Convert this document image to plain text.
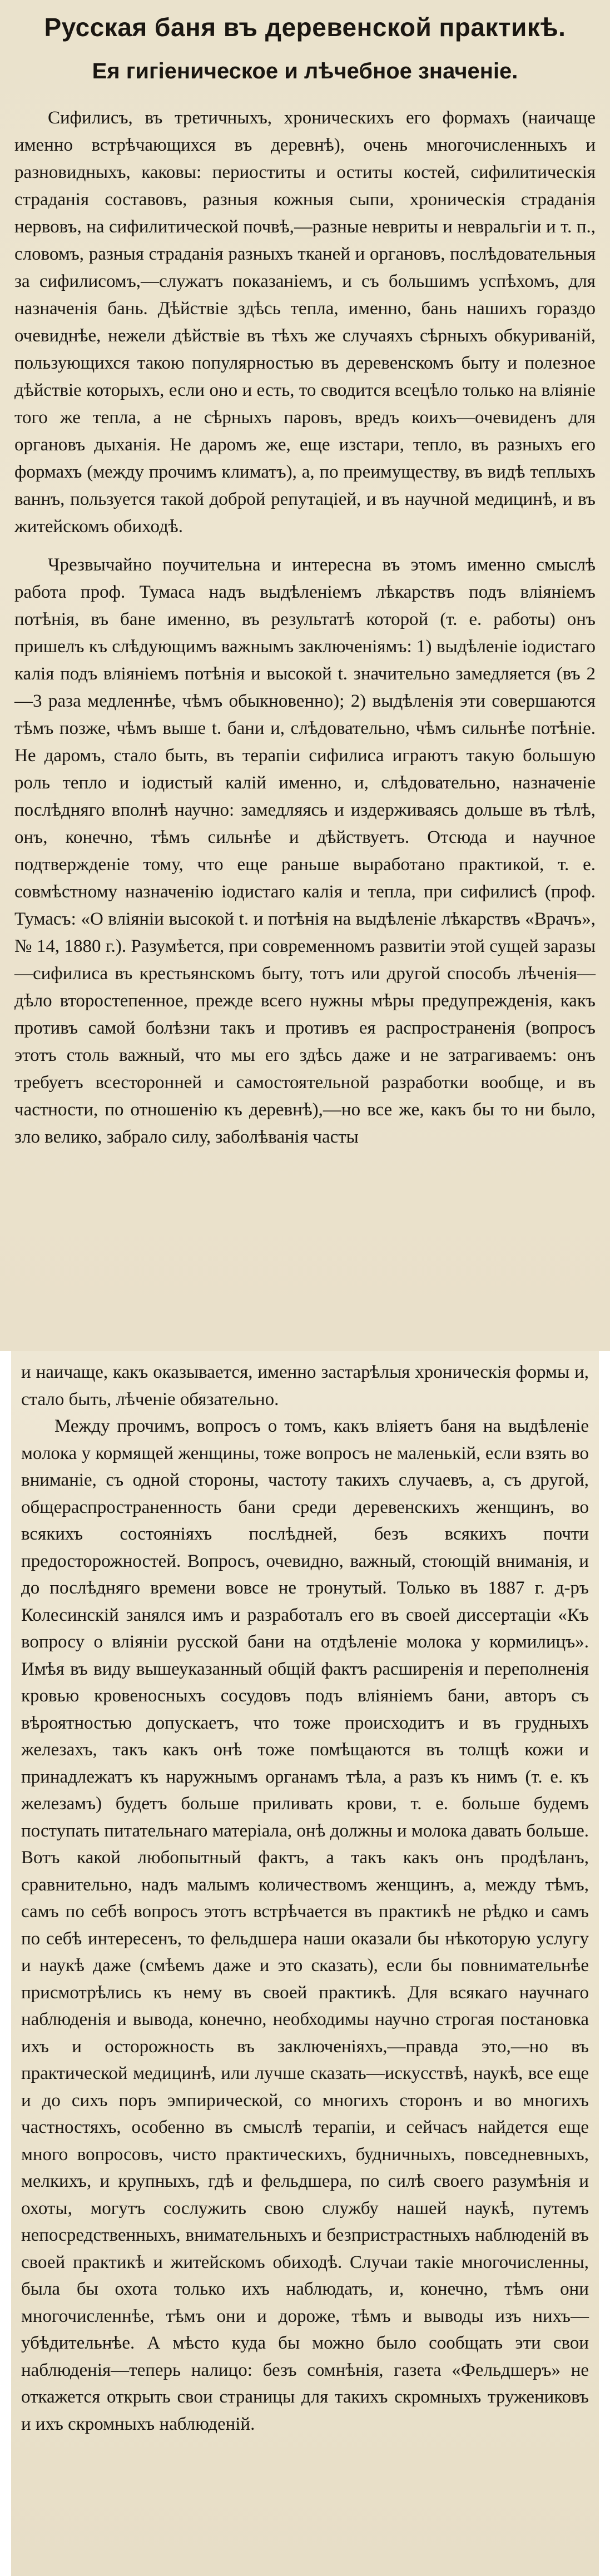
Русская баня въ деревенской практикѣ.
Ея гигіеническое и лѣчебное значеніе.

Сифилисъ, въ третичныхъ, хроническихъ его формахъ (наичаще именно встрѣчающихся въ деревнѣ), очень многочисленныхъ и разновидныхъ, каковы: периоститы и оститы костей, сифилитическія страданія составовъ, разныя кожныя сыпи, хроническія страданія нервовъ, на сифилитической почвѣ,—разные невриты и невральгіи и т. п., словомъ, разныя страданія разныхъ тканей и органовъ, послѣдовательныя за сифилисомъ,—служатъ показаніемъ, и съ большимъ успѣхомъ, для назначенія бань. Дѣйствіе здѣсь тепла, именно, бань нашихъ гораздо очевиднѣе, нежели дѣйствіе въ тѣхъ же случаяхъ сѣрныхъ обкуриваній, пользующихся такою популярностью въ деревенскомъ быту и полезное дѣйствіе которыхъ, если оно и есть, то сводится всецѣло только на вліяніе того же тепла, а не сѣрныхъ паровъ, вредъ коихъ—очевиденъ для органовъ дыханія. Не даромъ же, еще изстари, тепло, въ разныхъ его формахъ (между прочимъ климатъ), а, по преимуществу, въ видѣ теплыхъ ваннъ, пользуется такой доброй репутаціей, и въ научной медицинѣ, и въ житейскомъ обиходѣ.

Чрезвычайно поучительна и интересна въ этомъ именно смыслѣ работа проф. Тумаса надъ выдѣленіемъ лѣкарствъ подъ вліяніемъ потѣнія, въ бане именно, въ результатѣ которой (т. е. работы) онъ пришелъ къ слѣдующимъ важнымъ заключеніямъ: 1) выдѣленіе іодистаго калія подъ вліяніемъ потѣнія и высокой t. значительно замедляется (въ 2—3 раза медленнѣе, чѣмъ обыкновенно); 2) выдѣленія эти совершаются тѣмъ позже, чѣмъ выше t. бани и, слѣдовательно, чѣмъ сильнѣе потѣніе. Не даромъ, стало быть, въ терапіи сифилиса играютъ такую большую роль тепло и іодистый калій именно, и, слѣдовательно, назначеніе послѣдняго вполнѣ научно: замедляясь и издерживаясь дольше въ тѣлѣ, онъ, конечно, тѣмъ сильнѣе и дѣйствуетъ. Отсюда и научное подтвержденіе тому, что еще раньше выработано практикой, т. е. совмѣстному назначенію іодистаго калія и тепла, при сифилисѣ (проф. Тумасъ: «О вліяніи высокой t. и потѣнія на выдѣленіе лѣкарствъ «Врачъ», № 14, 1880 г.). Разумѣется, при современномъ развитіи этой сущей заразы—сифилиса въ крестьянскомъ быту, тотъ или другой способъ лѣченія—дѣло второстепенное, прежде всего нужны мѣры предупрежденія, какъ противъ самой болѣзни такъ и противъ ея распространенія (вопросъ этотъ столь важный, что мы его здѣсь даже и не затрагиваемъ: онъ требуетъ всесторонней и самостоятельной разработки вообще, и въ частности, по отношенію къ деревнѣ),—но все же, какъ бы то ни было, зло велико, забрало силу, заболѣванія часты

и наичаще, какъ оказывается, именно застарѣлыя хроническія формы и, стало быть, лѣченіе обязательно.

Между прочимъ, вопросъ о томъ, какъ вліяетъ баня на выдѣленіе молока у кормящей женщины, тоже вопросъ не маленькій, если взять во вниманіе, съ одной стороны, частоту такихъ случаевъ, а, съ другой, общераспространенность бани среди деревенскихъ женщинъ, во всякихъ состояніяхъ послѣдней, безъ всякихъ почти предосторожностей. Вопросъ, очевидно, важный, стоющій вниманія, и до послѣдняго времени вовсе не тронутый. Только въ 1887 г. д-ръ Колесинскій занялся имъ и разработалъ его въ своей диссертаціи «Къ вопросу о вліяніи русской бани на отдѣленіе молока у кормилицъ». Имѣя въ виду вышеуказанный общій фактъ расширенія и переполненія кровью кровеносныхъ сосудовъ подъ вліяніемъ бани, авторъ съ вѣроятностью допускаетъ, что тоже происходитъ и въ грудныхъ железахъ, такъ какъ онѣ тоже помѣщаются въ толщѣ кожи и принадлежатъ къ наружнымъ органамъ тѣла, а разъ къ нимъ (т. е. къ железамъ) будетъ больше приливать крови, т. е. больше будемъ поступать питательнаго матеріала, онѣ должны и молока давать больше. Вотъ какой любопытный фактъ, а такъ какъ онъ продѣланъ, сравнительно, надъ малымъ количествомъ женщинъ, а, между тѣмъ, самъ по себѣ вопросъ этотъ встрѣчается въ практикѣ не рѣдко и самъ по себѣ интересенъ, то фельдшера наши оказали бы нѣкоторую услугу и наукѣ даже (смѣемъ даже и это сказать), если бы повнимательнѣе присмотрѣлись къ нему въ своей практикѣ. Для всякаго научнаго наблюденія и вывода, конечно, необходимы научно строгая постановка ихъ и осторожность въ заключеніяхъ,—правда это,—но въ практической медицинѣ, или лучше сказать—искусствѣ, наукѣ, все еще и до сихъ поръ эмпирической, со многихъ сторонъ и во многихъ частностяхъ, особенно въ смыслѣ терапіи, и сейчасъ найдется еще много вопросовъ, чисто практическихъ, будничныхъ, повседневныхъ, мелкихъ, и крупныхъ, гдѣ и фельдшера, по силѣ своего разумѣнія и охоты, могутъ сослужить свою службу нашей наукѣ, путемъ непосредственныхъ, внимательныхъ и безпристрастныхъ наблюденій въ своей практикѣ и житейскомъ обиходѣ. Случаи такіе многочисленны, была бы охота только ихъ наблюдать, и, конечно, тѣмъ они многочисленнѣе, тѣмъ они и дороже, тѣмъ и выводы изъ нихъ—убѣдительнѣе. А мѣсто куда бы можно было сообщать эти свои наблюденія—теперь налицо: безъ сомнѣнія, газета «Фельдшеръ» не откажется открыть свои страницы для такихъ скромныхъ тружениковъ и ихъ скромныхъ наблюденій.
